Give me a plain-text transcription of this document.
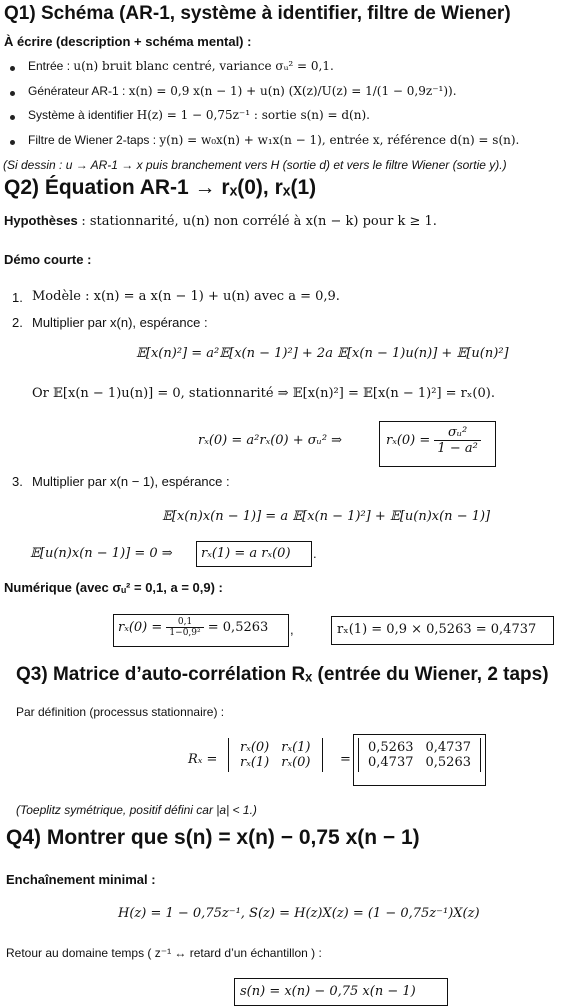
Q1) Schéma (AR-1, système à identifier, filtre de Wiener)
À écrire (description + schéma mental) :
Entrée : u(n) bruit blanc centré, variance σᵤ² = 0,1.
Générateur AR-1 : x(n) = 0,9 x(n − 1) + u(n) (X(z)/U(z) = 1/(1 − 0,9z⁻¹)).
Système à identifier H(z) = 1 − 0,75z⁻¹ : sortie s(n) = d(n).
Filtre de Wiener 2-taps : y(n) = w₀x(n) + w₁x(n − 1), entrée x, référence d(n) = s(n).
(Si dessin : u → AR-1 → x puis branchement vers H (sortie d) et vers le filtre Wiener (sortie y).)
Q2) Équation AR-1 → rₓ(0), rₓ(1)
Hypothèses : stationnarité, u(n) non corrélé à x(n − k) pour k ≥ 1.
Démo courte :
1. Modèle : x(n) = a x(n − 1) + u(n) avec a = 0,9.
2. Multiplier par x(n), espérance :
𝔼[x(n)²] = a²𝔼[x(n − 1)²] + 2a 𝔼[x(n − 1)u(n)] + 𝔼[u(n)²]
Or 𝔼[x(n − 1)u(n)] = 0, stationnarité ⇒ 𝔼[x(n)²] = 𝔼[x(n − 1)²] = rₓ(0).
rₓ(0) = a²rₓ(0) + σᵤ² ⇒	$r_x(0) = \frac{\text{σᵤ²}}{\text{1 − a²}}$
3. Multiplier par x(n − 1), espérance :
𝔼[x(n)x(n − 1)] = a 𝔼[x(n − 1)²] + 𝔼[u(n)x(n − 1)]
𝔼[u(n)x(n − 1)] = 0 ⇒ rₓ(1) = a rₓ(0) .
Numérique (avec σᵤ² = 0,1, a = 0,9) :
$r_x(0) = \frac{0,1}{\text{1−0,9²}} = 0,5263$ ,	rₓ(1) = 0,9 × 0,5263 = 0,4737
Q3) Matrice d’auto-corrélation Rₓ (entrée du Wiener, 2 taps)
Par définition (processus stationnaire) :
Rₓ =
rₓ(0)	rₓ(1)
rₓ(1)	rₓ(0) =
0,5263	0,4737
0,4737	0,5263
(Toeplitz symétrique, positif défini car |a| < 1.)
Q4) Montrer que s(n) = x(n) − 0,75 x(n − 1)
Enchaînement minimal :
H(z) = 1 − 0,75z⁻¹, S(z) = H(z)X(z) = (1 − 0,75z⁻¹)X(z)
Retour au domaine temps ( z⁻¹ ↔ retard d’un échantillon ) :
s(n) = x(n) − 0,75 x(n − 1)
